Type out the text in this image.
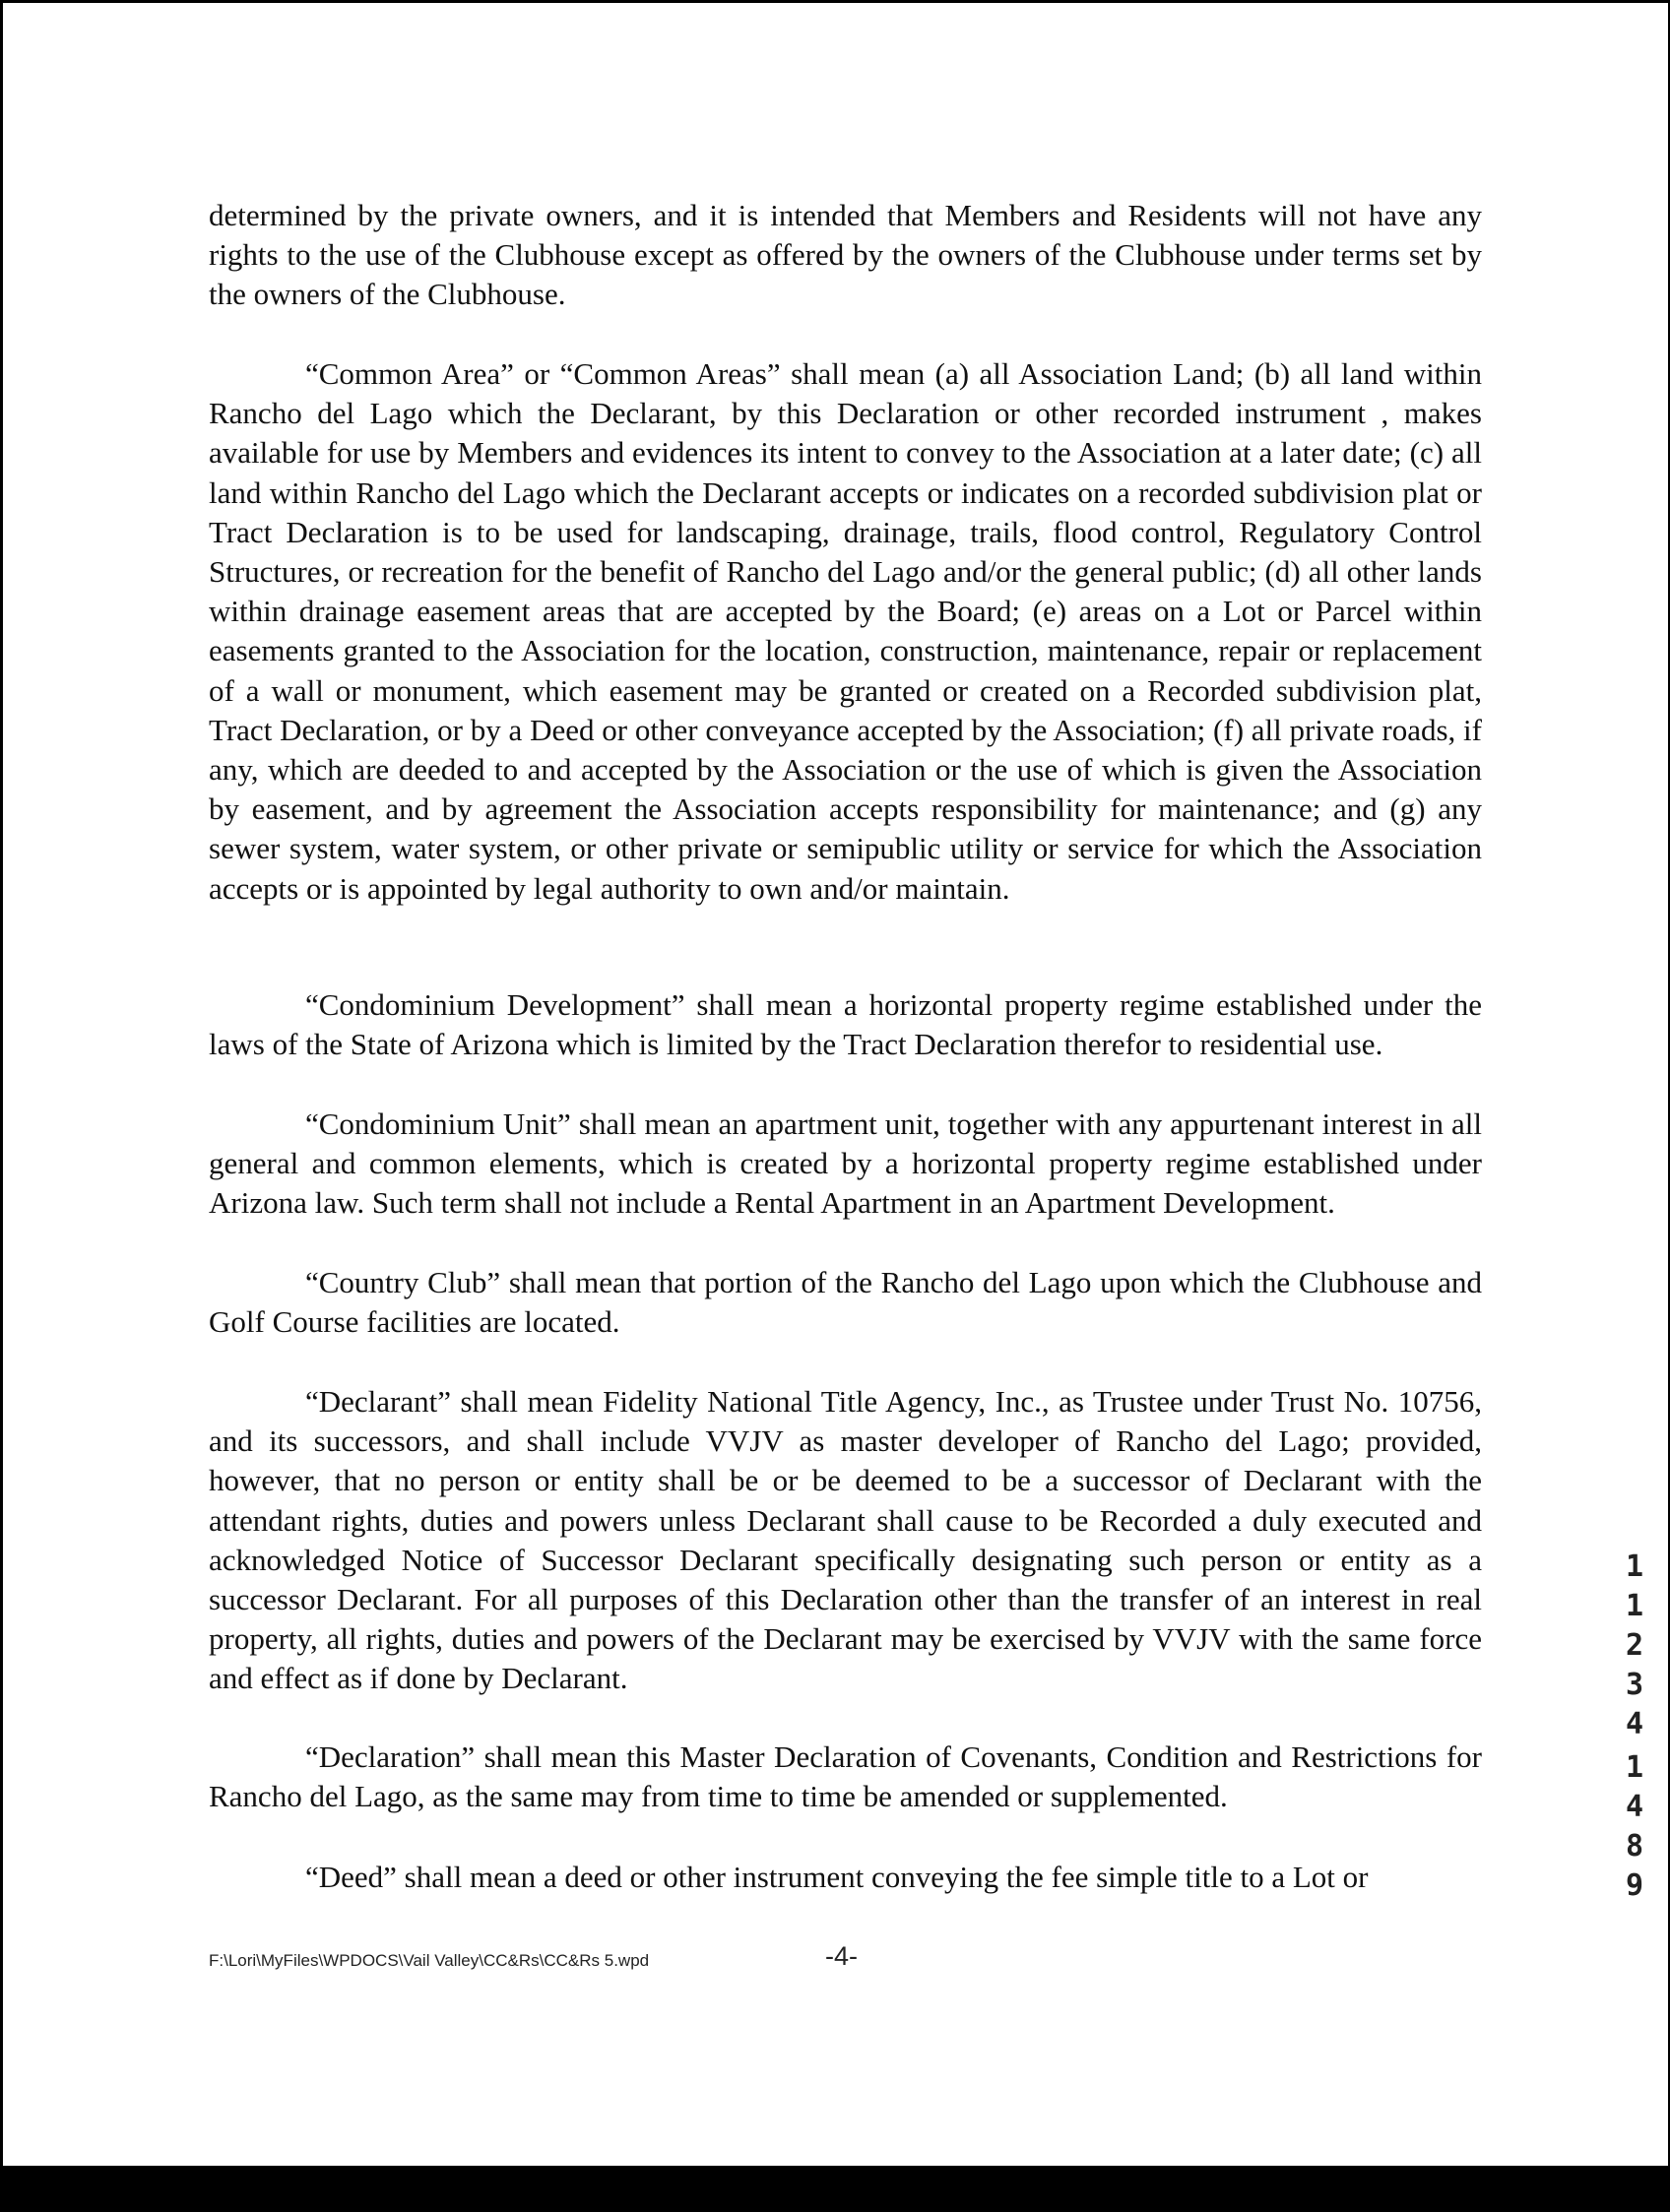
determined by the private owners, and it is intended that Members and Residents will not have any rights to the use of the Clubhouse except as offered by the owners of the Clubhouse under terms set by the owners of the Clubhouse.

“Common Area” or “Common Areas” shall mean (a) all Association Land; (b) all land within Rancho del Lago which the Declarant, by this Declaration or other recorded instrument , makes available for use by Members and evidences its intent to convey to the Association at a later date; (c) all land within Rancho del Lago which the Declarant accepts or indicates on a recorded subdivision plat or Tract Declaration is to be used for landscaping, drainage, trails, flood control, Regulatory Control Structures, or recreation for the benefit of Rancho del Lago and/or the general public; (d) all other lands within drainage easement areas that are accepted by the Board; (e) areas on a Lot or Parcel within easements granted to the Association for the location, construction, maintenance, repair or replacement of a wall or monument, which easement may be granted or created on a Recorded subdivision plat, Tract Declaration, or by a Deed or other conveyance accepted by the Association; (f) all private roads, if any, which are deeded to and accepted by the Association or the use of which is given the Association by easement, and by agreement the Association accepts responsibility for maintenance; and (g) any sewer system, water system, or other private or semipublic utility or service for which the Association accepts or is appointed by legal authority to own and/or maintain.

“Condominium Development” shall mean a horizontal property regime established under the laws of the State of Arizona which is limited by the Tract Declaration therefor to residential use.

“Condominium Unit” shall mean an apartment unit, together with any appurtenant interest in all general and common elements, which is created by a horizontal property regime established under Arizona law. Such term shall not include a Rental Apartment in an Apartment Development.

“Country Club” shall mean that portion of the Rancho del Lago upon which the Clubhouse and Golf Course facilities are located.

“Declarant” shall mean Fidelity National Title Agency, Inc., as Trustee under Trust No. 10756, and its successors, and shall include VVJV as master developer of Rancho del Lago; provided, however, that no person or entity shall be or be deemed to be a successor of Declarant with the attendant rights, duties and powers unless Declarant shall cause to be Recorded a duly executed and acknowledged Notice of Successor Declarant specifically designating such person or entity as a successor Declarant. For all purposes of this Declaration other than the transfer of an interest in real property, all rights, duties and powers of the Declarant may be exercised by VVJV with the same force and effect as if done by Declarant.

“Declaration” shall mean this Master Declaration of Covenants, Condition and Restrictions for Rancho del Lago, as the same may from time to time be amended or supplemented.

“Deed” shall mean a deed or other instrument conveying the fee simple title to a Lot or

F:\Lori\MyFiles\WPDOCS\Vail Valley\CC&Rs\CC&Rs 5.wpd	-4-
1
1
2
3
4
1
4
8
9
